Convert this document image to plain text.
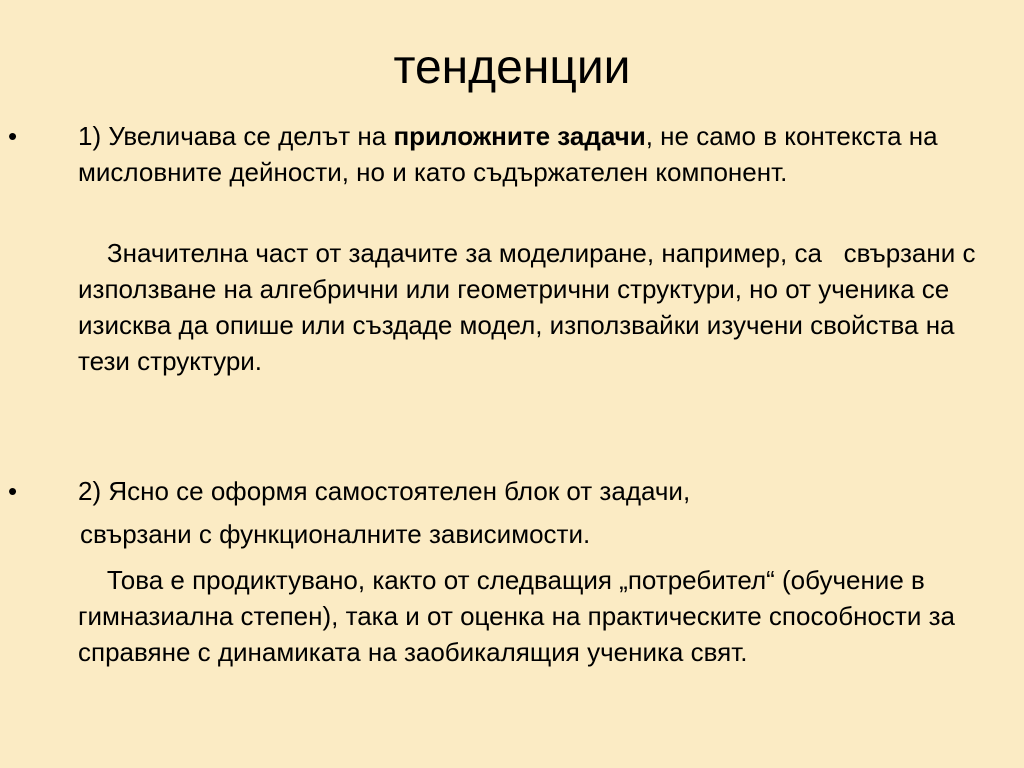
тенденции
• 1) Увеличава се делът на приложните задачи, не само в контекста на мисловните дейности, но и като съдържателен компонент.

Значителна част от задачите за моделиране, например, са   свързани с използване на алгебрични или геометрични структури, но от ученика се изисква да опише или създаде модел, използвайки изучени свойства на тези структури.

• 2) Ясно се оформя самостоятелен блок от задачи,

свързани с функционалните зависимости.

Това е продиктувано, както от следващия „потребител“ (обучение в гимназиална степен), така и от оценка на практическите способности за справяне с динамиката на заобикалящия ученика свят.
